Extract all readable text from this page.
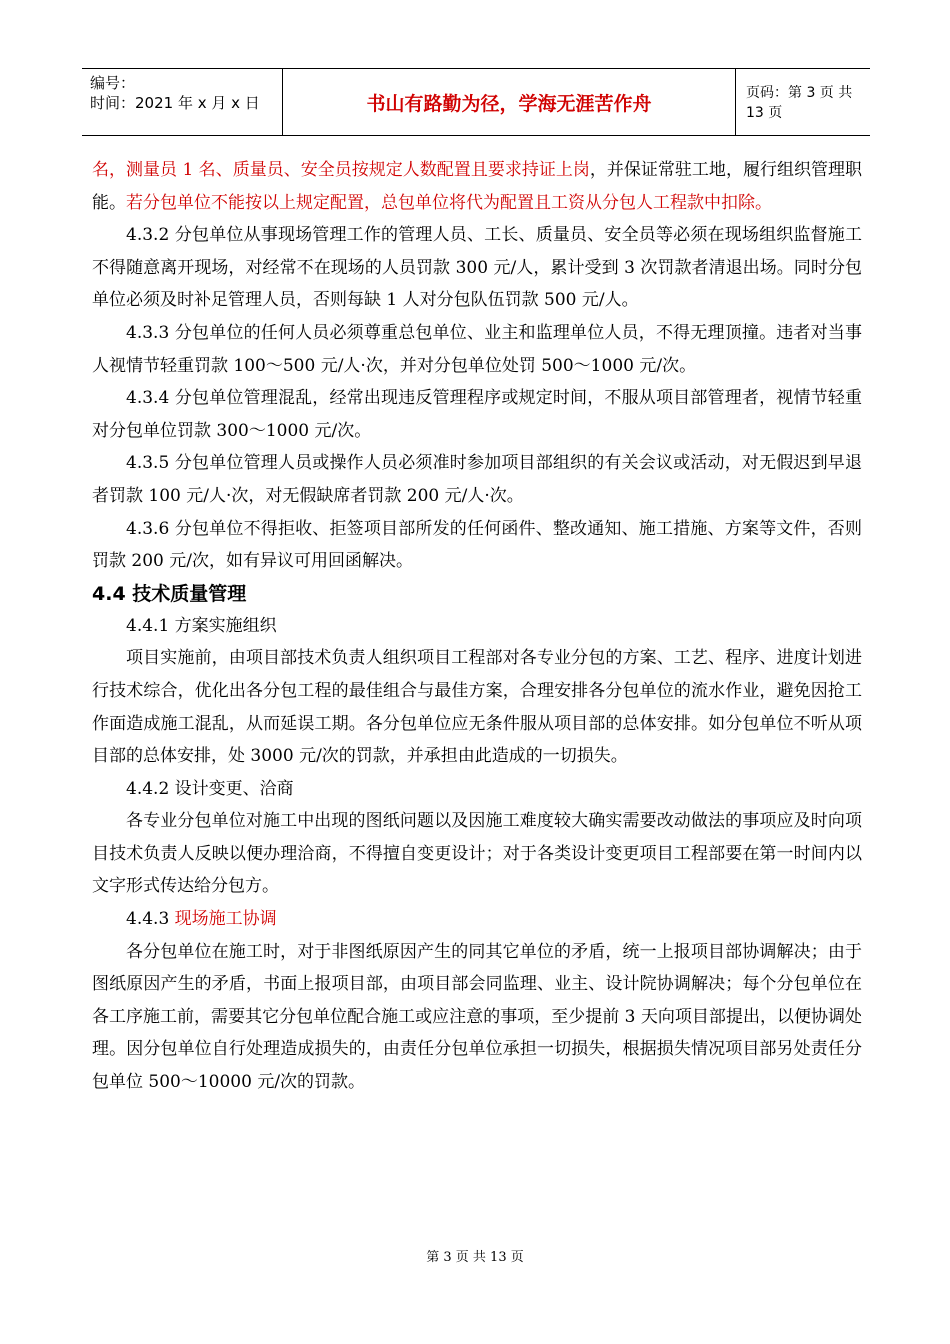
编号：
时间：2021 年 x 月 x 日	书山有路勤为径，学海无涯苦作舟	页码：第 3 页 共 13 页

名，测量员 1 名、质量员、安全员按规定人数配置且要求持证上岗，并保证常驻工地，履行组织管理职能。若分包单位不能按以上规定配置，总包单位将代为配置且工资从分包人工程款中扣除。

4.3.2 分包单位从事现场管理工作的管理人员、工长、质量员、安全员等必须在现场组织监督施工不得随意离开现场，对经常不在现场的人员罚款 300 元/人，累计受到 3 次罚款者清退出场。同时分包单位必须及时补足管理人员，否则每缺 1 人对分包队伍罚款 500 元/人。

4.3.3 分包单位的任何人员必须尊重总包单位、业主和监理单位人员，不得无理顶撞。违者对当事人视情节轻重罚款 100～500 元/人·次，并对分包单位处罚 500～1000 元/次。

4.3.4 分包单位管理混乱，经常出现违反管理程序或规定时间，不服从项目部管理者，视情节轻重对分包单位罚款 300～1000 元/次。

4.3.5 分包单位管理人员或操作人员必须准时参加项目部组织的有关会议或活动，对无假迟到早退者罚款 100 元/人·次，对无假缺席者罚款 200 元/人·次。

4.3.6 分包单位不得拒收、拒签项目部所发的任何函件、整改通知、施工措施、方案等文件，否则罚款 200 元/次，如有异议可用回函解决。

4.4 技术质量管理

4.4.1 方案实施组织

项目实施前，由项目部技术负责人组织项目工程部对各专业分包的方案、工艺、程序、进度计划进行技术综合，优化出各分包工程的最佳组合与最佳方案，合理安排各分包单位的流水作业，避免因抢工作面造成施工混乱，从而延误工期。各分包单位应无条件服从项目部的总体安排。如分包单位不听从项目部的总体安排，处 3000 元/次的罚款，并承担由此造成的一切损失。

4.4.2 设计变更、洽商

各专业分包单位对施工中出现的图纸问题以及因施工难度较大确实需要改动做法的事项应及时向项目技术负责人反映以便办理洽商，不得擅自变更设计；对于各类设计变更项目工程部要在第一时间内以文字形式传达给分包方。

4.4.3 现场施工协调

各分包单位在施工时，对于非图纸原因产生的同其它单位的矛盾，统一上报项目部协调解决；由于图纸原因产生的矛盾，书面上报项目部，由项目部会同监理、业主、设计院协调解决；每个分包单位在各工序施工前，需要其它分包单位配合施工或应注意的事项，至少提前 3 天向项目部提出，以便协调处理。因分包单位自行处理造成损失的，由责任分包单位承担一切损失，根据损失情况项目部另处责任分包单位 500～10000 元/次的罚款。

第 3 页 共 13 页
